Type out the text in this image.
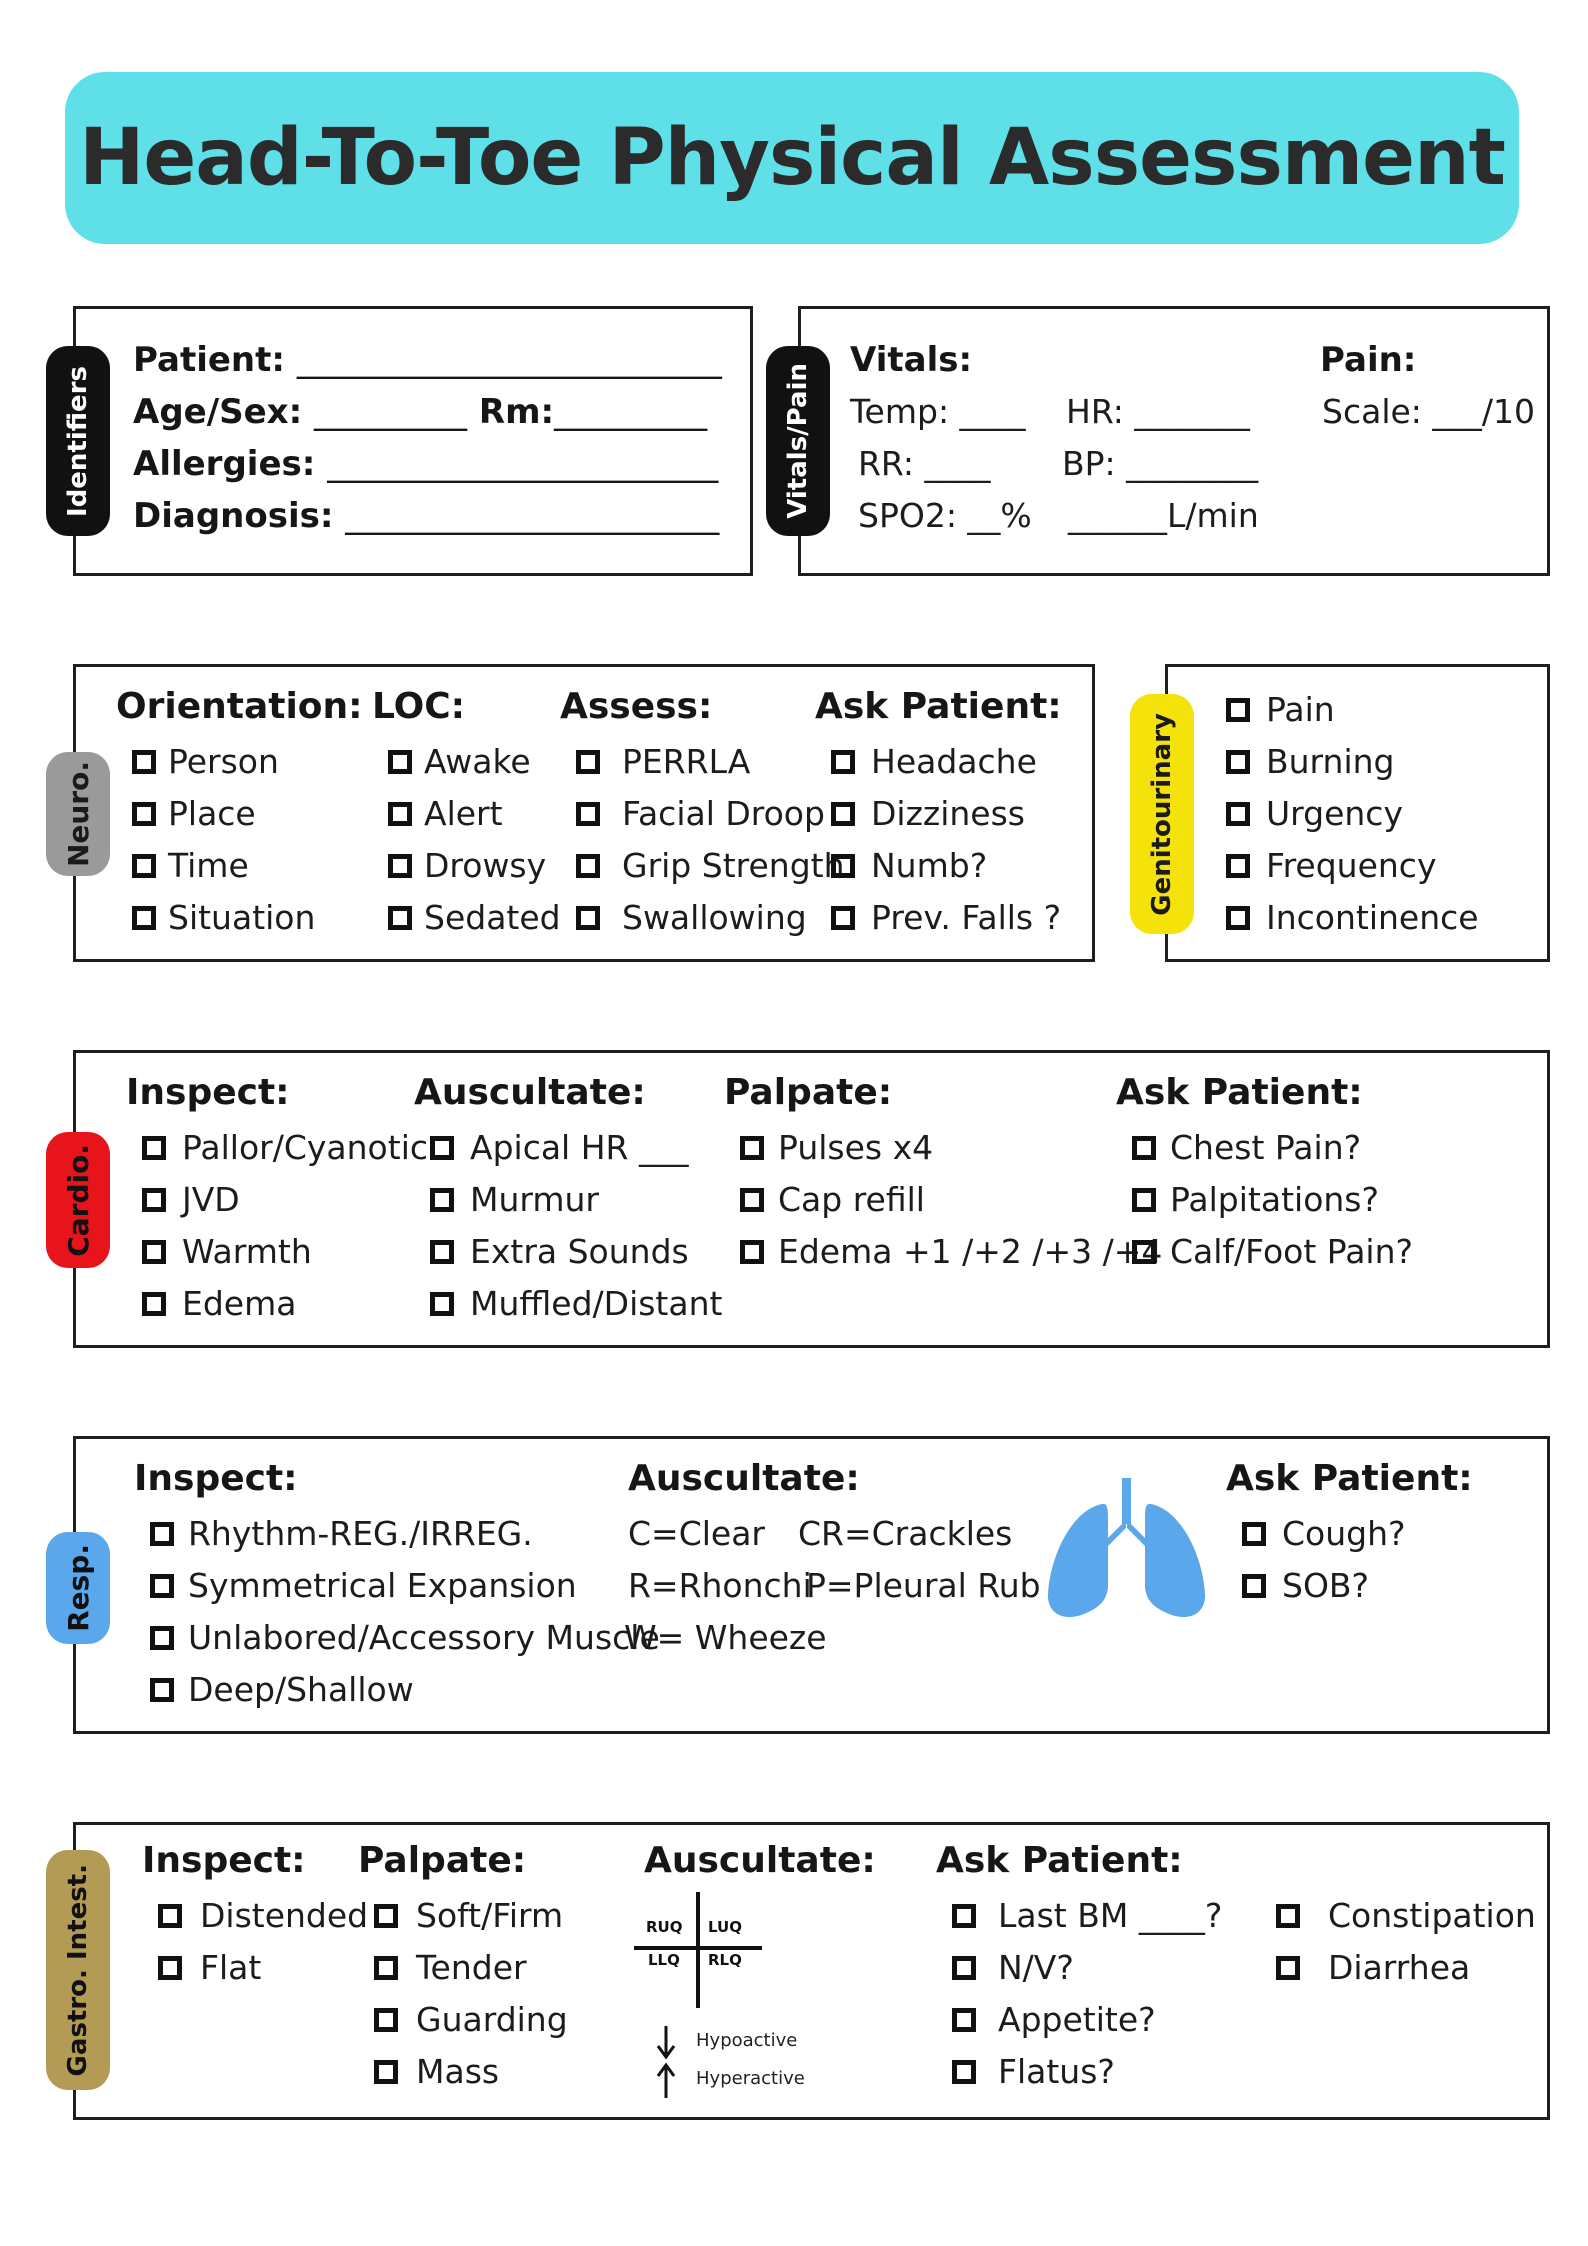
Head-To-Toe Physical Assessment
Identifiers
Patient: _________________________
Age/Sex: _________ Rm:_________
Allergies: _______________________
Diagnosis: ______________________ Vitals/Pain
Vitals:
Temp: ____ HR: _______
RR: ____ BP: ________
SPO2: __% ______L/min
Pain:
Scale: ___/10
Neuro.	Genitourinary
Cardio.
Resp.
Gastro. Intest.	RUQ LUQ
LLQ RLQ
Hypoactive
Hyperactive
Orientation:
Person
Place
Time
Situation
LOC:
Awake
Alert
Drowsy
Sedated
Assess:
PERRLA
Facial Droop
Grip Strength
Swallowing
Ask Patient:
Headache
Dizziness
Numb?
Prev. Falls ?
Pain
Burning
Urgency
Frequency
Incontinence
Inspect:
Pallor/Cyanotic
JVD
Warmth
Edema
Auscultate:
Apical HR ___
Murmur
Extra Sounds
Muffled/Distant
Palpate:
Pulses x4
Cap refill
Edema +1 /+2 /+3 /+4
Ask Patient:
Chest Pain?
Palpitations?
Calf/Foot Pain?
Inspect:
Rhythm-REG./IRREG.
Symmetrical Expansion
Unlabored/Accessory Muscle
Deep/Shallow
Auscultate:
C=Clear CR=Crackles
R=Rhonchi
P=Pleural Rub
W= Wheeze
Ask Patient:
Cough?
SOB?
Inspect:
Distended
Flat
Palpate:
Soft/Firm
Tender
Guarding
Mass
Auscultate: Ask Patient:
Last BM ____?
N/V?
Appetite?
Flatus?
Constipation
Diarrhea
